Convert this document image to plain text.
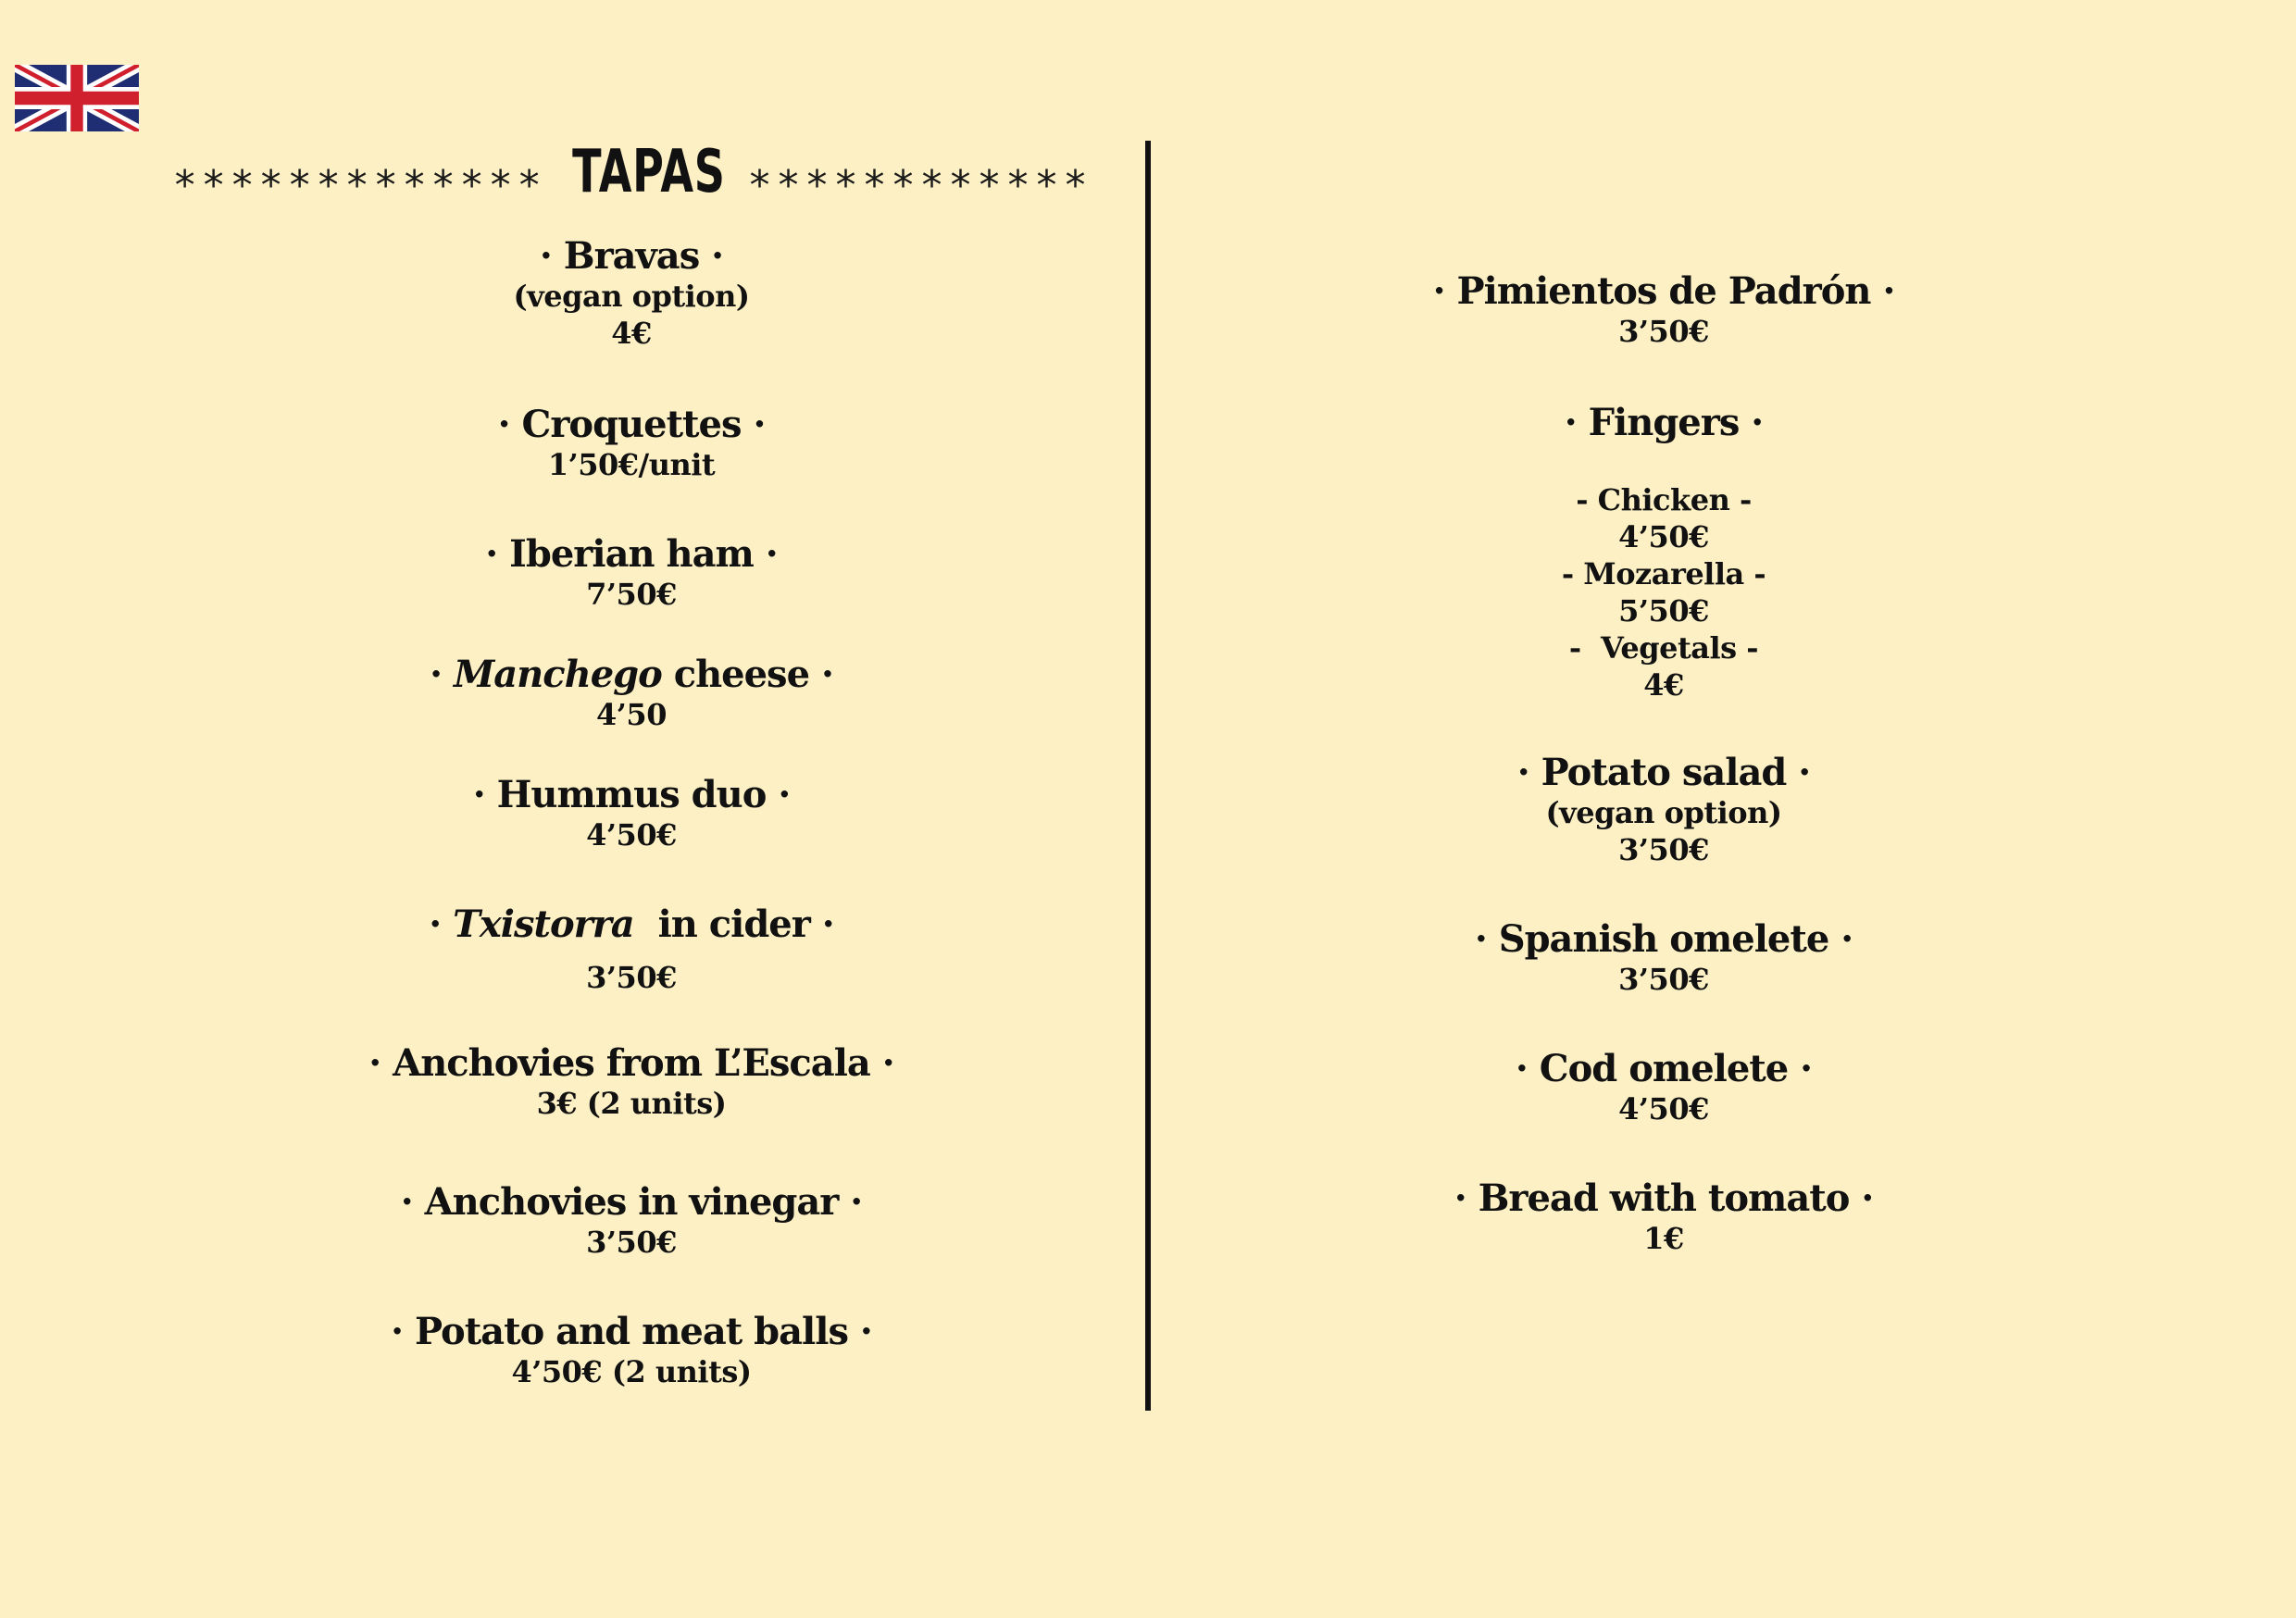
************* TAPAS ************
· Bravas ·
(vegan option)
4€
· Croquettes ·
1’50€/unit
· Iberian ham ·
7’50€
· Manchego cheese ·
4’50
· Hummus duo ·
4’50€
· Txistorra  in cider ·
3’50€
· Anchovies from L’Escala ·
3€ (2 units)
· Anchovies in vinegar ·
3’50€
· Potato and meat balls ·
4’50€ (2 units)
· Pimientos de Padrón ·
3’50€
· Fingers ·
- Chicken -
4’50€
- Mozarella -
5’50€
-  Vegetals -
4€
· Potato salad ·
(vegan option)
3’50€
· Spanish omelete ·
3’50€
· Cod omelete ·
4’50€
· Bread with tomato ·
1€
